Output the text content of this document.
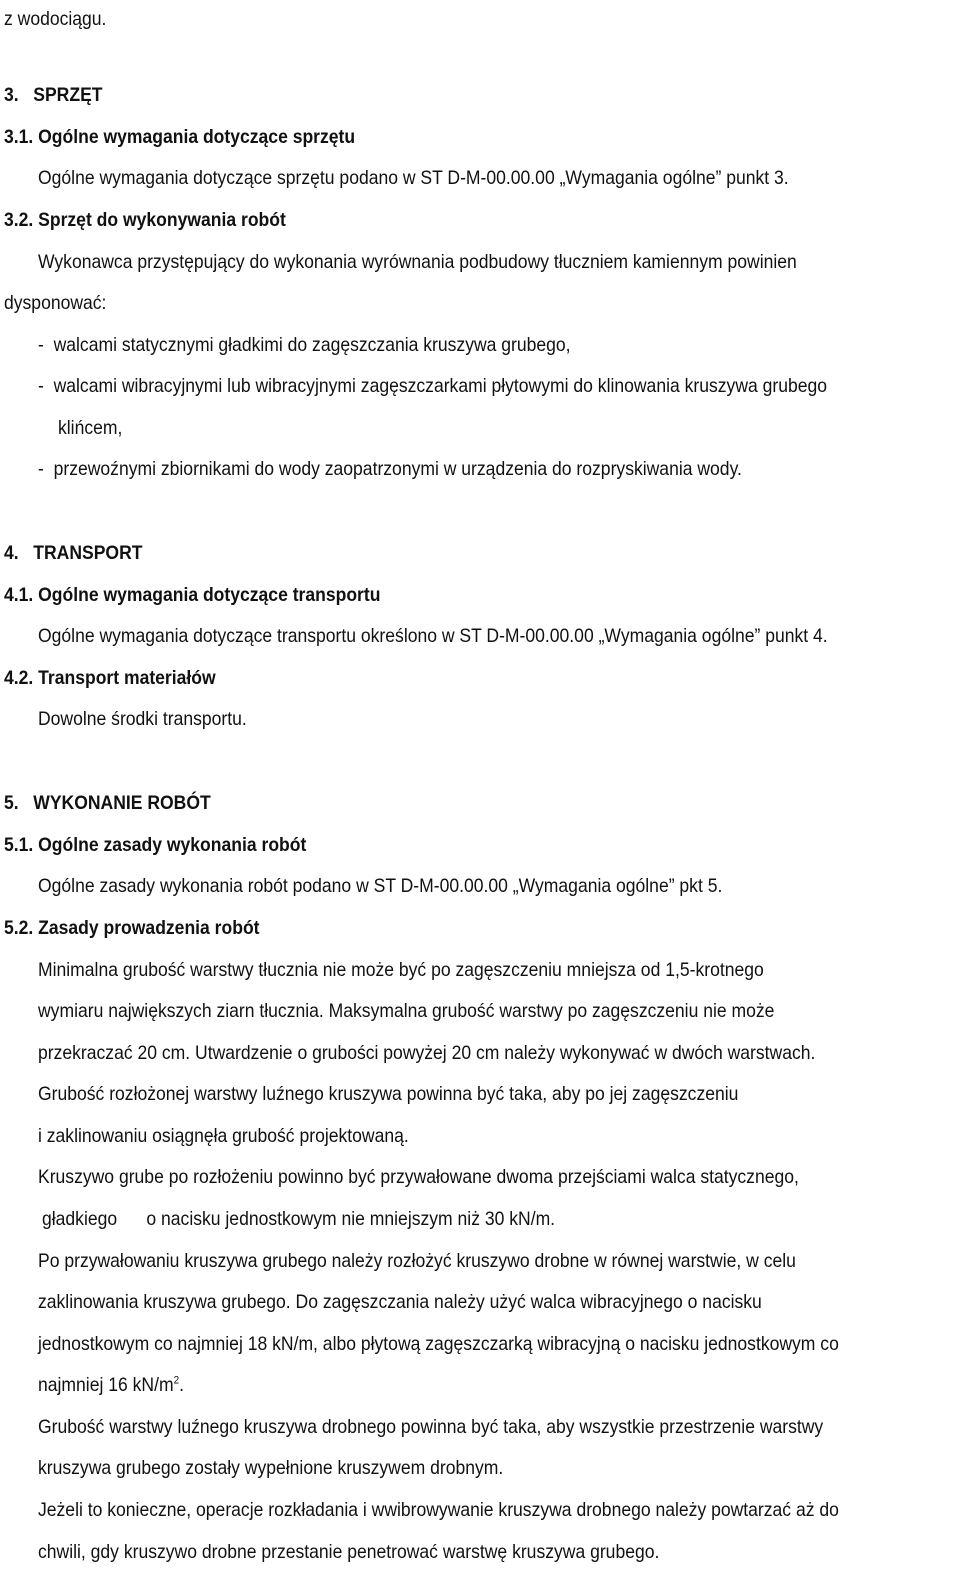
z wodociągu.
3.   SPRZĘT
3.1. Ogólne wymagania dotyczące sprzętu
Ogólne wymagania dotyczące sprzętu podano w ST D-M-00.00.00 „Wymagania ogólne” punkt 3.
3.2. Sprzęt do wykonywania robót
Wykonawca przystępujący do wykonania wyrównania podbudowy tłuczniem kamiennym powinien
dysponować:
-  walcami statycznymi gładkimi do zagęszczania kruszywa grubego,
-  walcami wibracyjnymi lub wibracyjnymi zagęszczarkami płytowymi do klinowania kruszywa grubego
klińcem,
-  przewoźnymi zbiornikami do wody zaopatrzonymi w urządzenia do rozpryskiwania wody.
4.   TRANSPORT
4.1. Ogólne wymagania dotyczące transportu
Ogólne wymagania dotyczące transportu określono w ST D-M-00.00.00 „Wymagania ogólne” punkt 4.
4.2. Transport materiałów
Dowolne środki transportu.
5.   WYKONANIE ROBÓT
5.1. Ogólne zasady wykonania robót
Ogólne zasady wykonania robót podano w ST D-M-00.00.00 „Wymagania ogólne” pkt 5.
5.2. Zasady prowadzenia robót
Minimalna grubość warstwy tłucznia nie może być po zagęszczeniu mniejsza od 1,5-krotnego
wymiaru największych ziarn tłucznia. Maksymalna grubość warstwy po zagęszczeniu nie może
przekraczać 20 cm. Utwardzenie o grubości powyżej 20 cm należy wykonywać w dwóch warstwach.
Grubość rozłożonej warstwy luźnego kruszywa powinna być taka, aby po jej zagęszczeniu
i zaklinowaniu osiągnęła grubość projektowaną.
Kruszywo grube po rozłożeniu powinno być przywałowane dwoma przejściami walca statycznego,
gładkiego      o nacisku jednostkowym nie mniejszym niż 30 kN/m.
Po przywałowaniu kruszywa grubego należy rozłożyć kruszywo drobne w równej warstwie, w celu
zaklinowania kruszywa grubego. Do zagęszczania należy użyć walca wibracyjnego o nacisku
jednostkowym co najmniej 18 kN/m, albo płytową zagęszczarką wibracyjną o nacisku jednostkowym co
najmniej 16 $kN/m^2$.
Grubość warstwy luźnego kruszywa drobnego powinna być taka, aby wszystkie przestrzenie warstwy
kruszywa grubego zostały wypełnione kruszywem drobnym.
Jeżeli to konieczne, operacje rozkładania i wwibrowywanie kruszywa drobnego należy powtarzać aż do
chwili, gdy kruszywo drobne przestanie penetrować warstwę kruszywa grubego.
